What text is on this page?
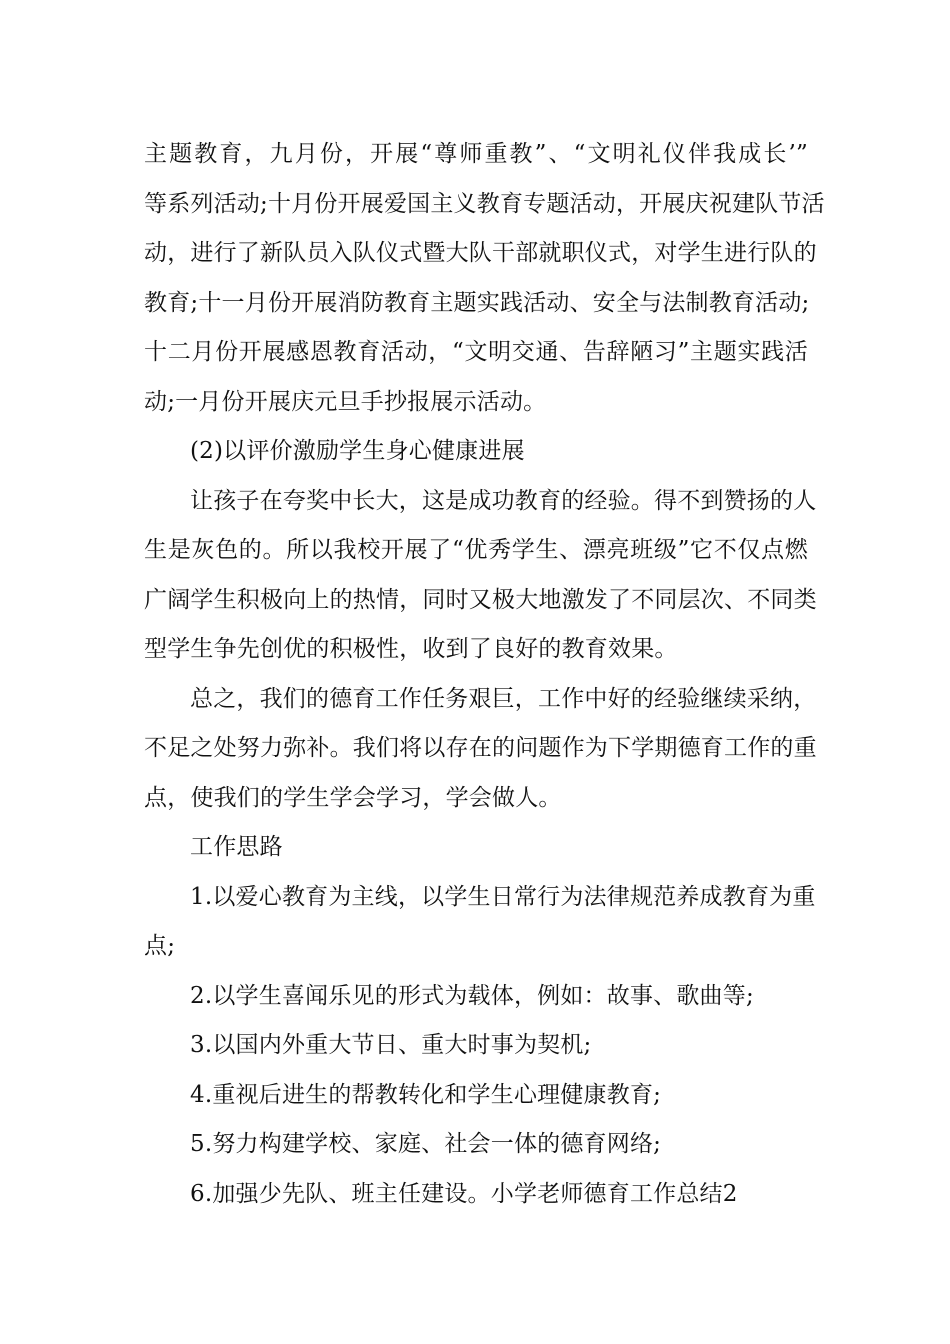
主题教育，九月份，开展“尊师重教”、“文明礼仪伴我成长’”
等系列活动;十月份开展爱国主义教育专题活动，开展庆祝建队节活
动，进行了新队员入队仪式暨大队干部就职仪式，对学生进行队的
教育;十一月份开展消防教育主题实践活动、安全与法制教育活动;
十二月份开展感恩教育活动，“文明交通、告辞陋习”主题实践活
动;一月份开展庆元旦手抄报展示活动。
(2)以评价激励学生身心健康进展
让孩子在夸奖中长大，这是成功教育的经验。得不到赞扬的人
生是灰色的。所以我校开展了“优秀学生、漂亮班级”它不仅点燃
广阔学生积极向上的热情，同时又极大地激发了不同层次、不同类
型学生争先创优的积极性，收到了良好的教育效果。
总之，我们的德育工作任务艰巨，工作中好的经验继续采纳，
不足之处努力弥补。我们将以存在的问题作为下学期德育工作的重
点，使我们的学生学会学习，学会做人。
工作思路
1.以爱心教育为主线，以学生日常行为法律规范养成教育为重
点;
2.以学生喜闻乐见的形式为载体，例如：故事、歌曲等;
3.以国内外重大节日、重大时事为契机;
4.重视后进生的帮教转化和学生心理健康教育;
5.努力构建学校、家庭、社会一体的德育网络;
6.加强少先队、班主任建设。小学老师德育工作总结2
